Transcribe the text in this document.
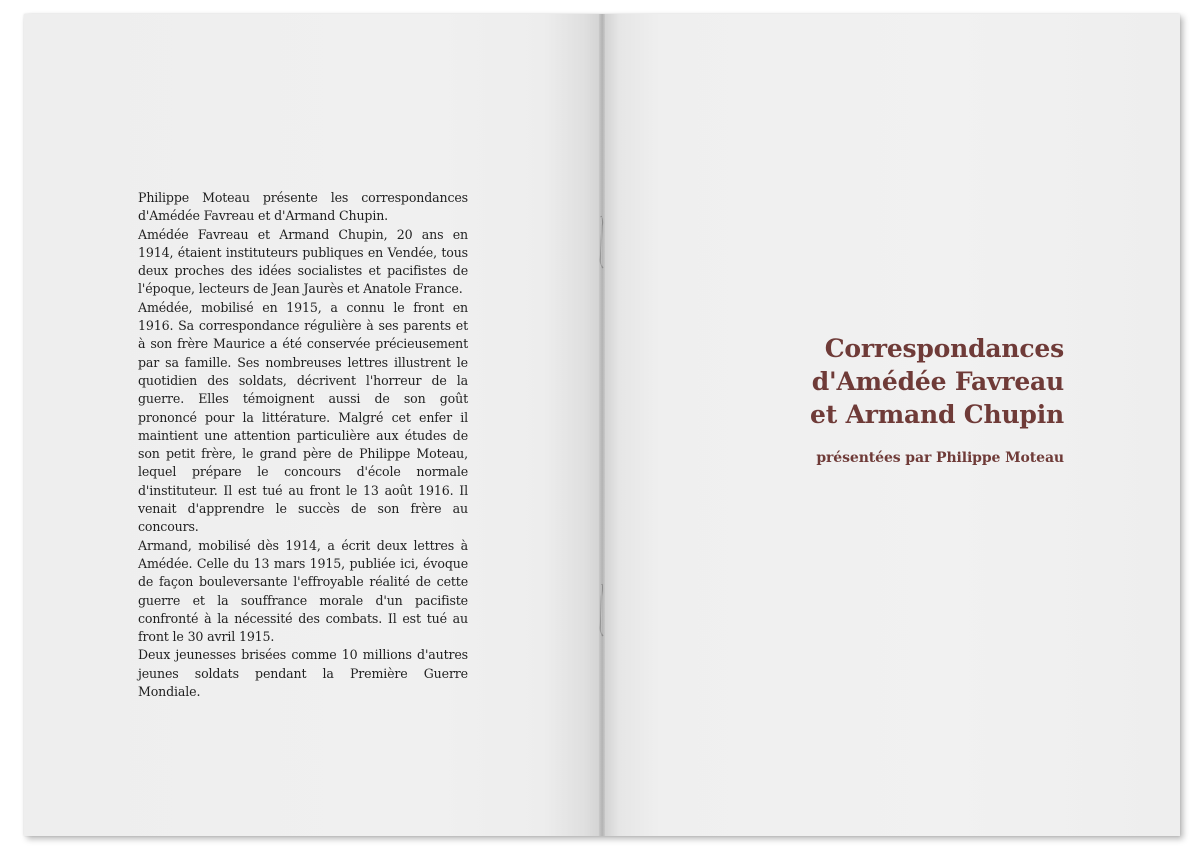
Philippe Moteau présente les correspondances d'Amédée Favreau et d'Armand Chupin.

Amédée Favreau et Armand Chupin, 20 ans en 1914, étaient instituteurs publiques en Vendée, tous deux proches des idées socialistes et pacifistes de l'époque, lecteurs de Jean Jaurès et Anatole France.

Amédée, mobilisé en 1915, a connu le front en 1916. Sa correspondance régulière à ses parents et à son frère Maurice a été conservée précieusement par sa famille. Ses nombreuses lettres illustrent le quotidien des soldats, décrivent l'horreur de la guerre. Elles témoignent aussi de son goût prononcé pour la littérature. Malgré cet enfer il maintient une attention particulière aux études de son petit frère, le grand père de Philippe Moteau, lequel prépare le concours d'école normale d'instituteur. Il est tué au front le 13 août 1916. Il venait d'apprendre le succès de son frère au concours.

Armand, mobilisé dès 1914, a écrit deux lettres à Amédée. Celle du 13 mars 1915, publiée ici, évoque de façon bouleversante l'effroyable réalité de cette guerre et la souffrance morale d'un pacifiste confronté à la nécessité des combats. Il est tué au front le 30 avril 1915.

Deux jeunesses brisées comme 10 millions d'autres jeunes soldats pendant la Première Guerre Mondiale.

Correspondances
d'Amédée Favreau
et Armand Chupin
présentées par Philippe Moteau
